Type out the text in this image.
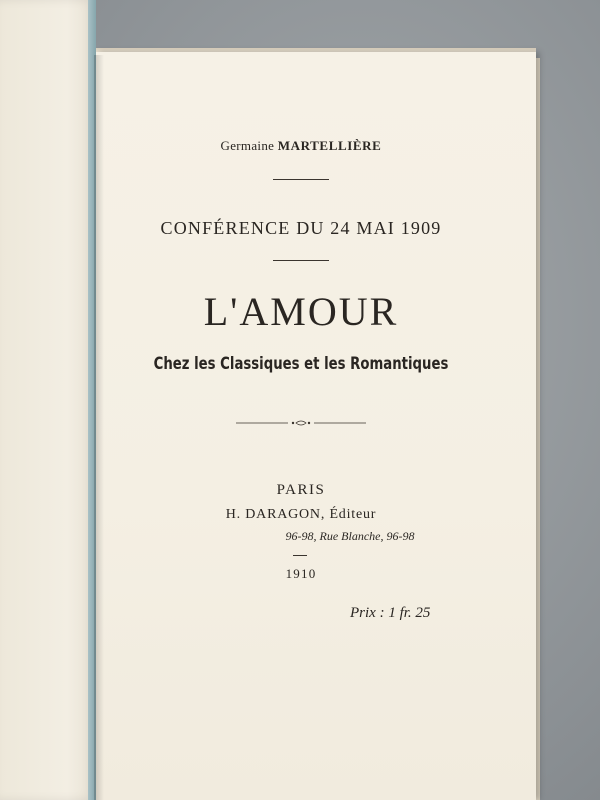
Germaine MARTELLIÈRE
CONFÉRENCE DU 24 MAI 1909
L'AMOUR
Chez les Classiques et les Romantiques
PARIS
H. DARAGON, Éditeur
96-98, Rue Blanche, 96-98
1910
Prix : 1 fr. 25
